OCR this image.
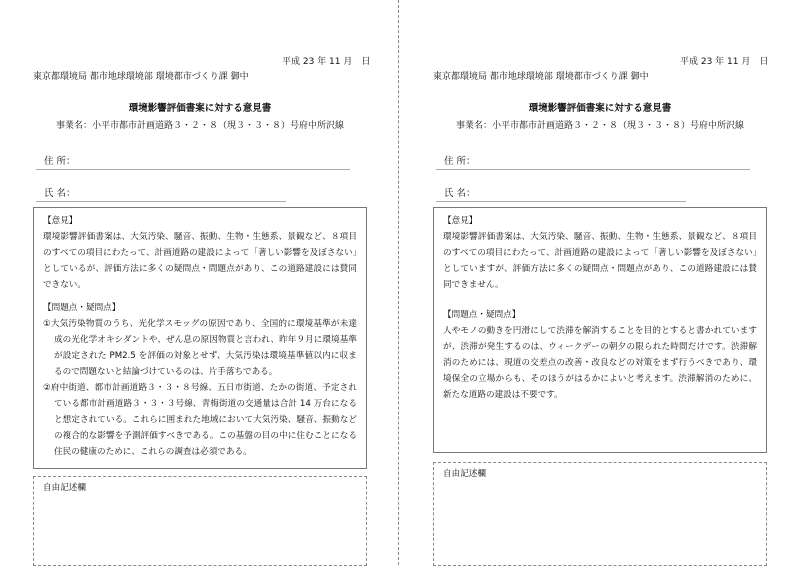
平成 23 年 11 月　日
東京都環境局 都市地球環境部 環境都市づくり課 御中
環境影響評価書案に対する意見書
事業名：小平市都市計画道路３・２・８（現３・３・８）号府中所沢線
住 所：
氏 名：

【意見】

環境影響評価書案は、大気汚染、騒音、振動、生物・生態系、景観など、８項目のすべての項目にわたって、計画道路の建設によって「著しい影響を及ぼさない」としているが、評価方法に多くの疑問点・問題点があり、この道路建設には賛同できない。

【問題点・疑問点】

①大気汚染物質のうち、光化学スモッグの原因であり、全国的に環境基準が未達成の光化学オキシダントや、ぜん息の原因物質と言われ、昨年９月に環境基準が設定された PM2.5 を評価の対象とせず、大気汚染は環境基準値以内に収まるので問題ないと結論づけているのは、片手落ちである。

②府中街道、都市計画道路３・３・８号線、五日市街道、たかの街道、予定されている都市計画道路３・３・３号線、青梅街道の交通量は合計 14 万台になると想定されている。これらに囲まれた地域において大気汚染、騒音、振動などの複合的な影響を予測評価すべきである。この基盤の目の中に住むことになる住民の健康のために、これらの調査は必須である。

自由記述欄
平成 23 年 11 月　日
東京都環境局 都市地球環境部 環境都市づくり課 御中
環境影響評価書案に対する意見書
事業名：小平市都市計画道路３・２・８（現３・３・８）号府中所沢線
住 所：
氏 名：

【意見】

環境影響評価書案は、大気汚染、騒音、振動、生物・生態系、景観など、８項目のすべての項目にわたって、計画道路の建設によって「著しい影響を及ぼさない」としていますが、評価方法に多くの疑問点・問題点があり、この道路建設には賛同できません。

【問題点・疑問点】

人やモノの動きを円滑にして渋滞を解消することを目的とすると書かれていますが、渋滞が発生するのは、ウィークデーの朝夕の限られた時間だけです。渋滞解消のためには、現道の交差点の改善・改良などの対策をまず行うべきであり、環境保全の立場からも、そのほうがはるかによいと考えます。渋滞解消のために、新たな道路の建設は不要です。

自由記述欄
